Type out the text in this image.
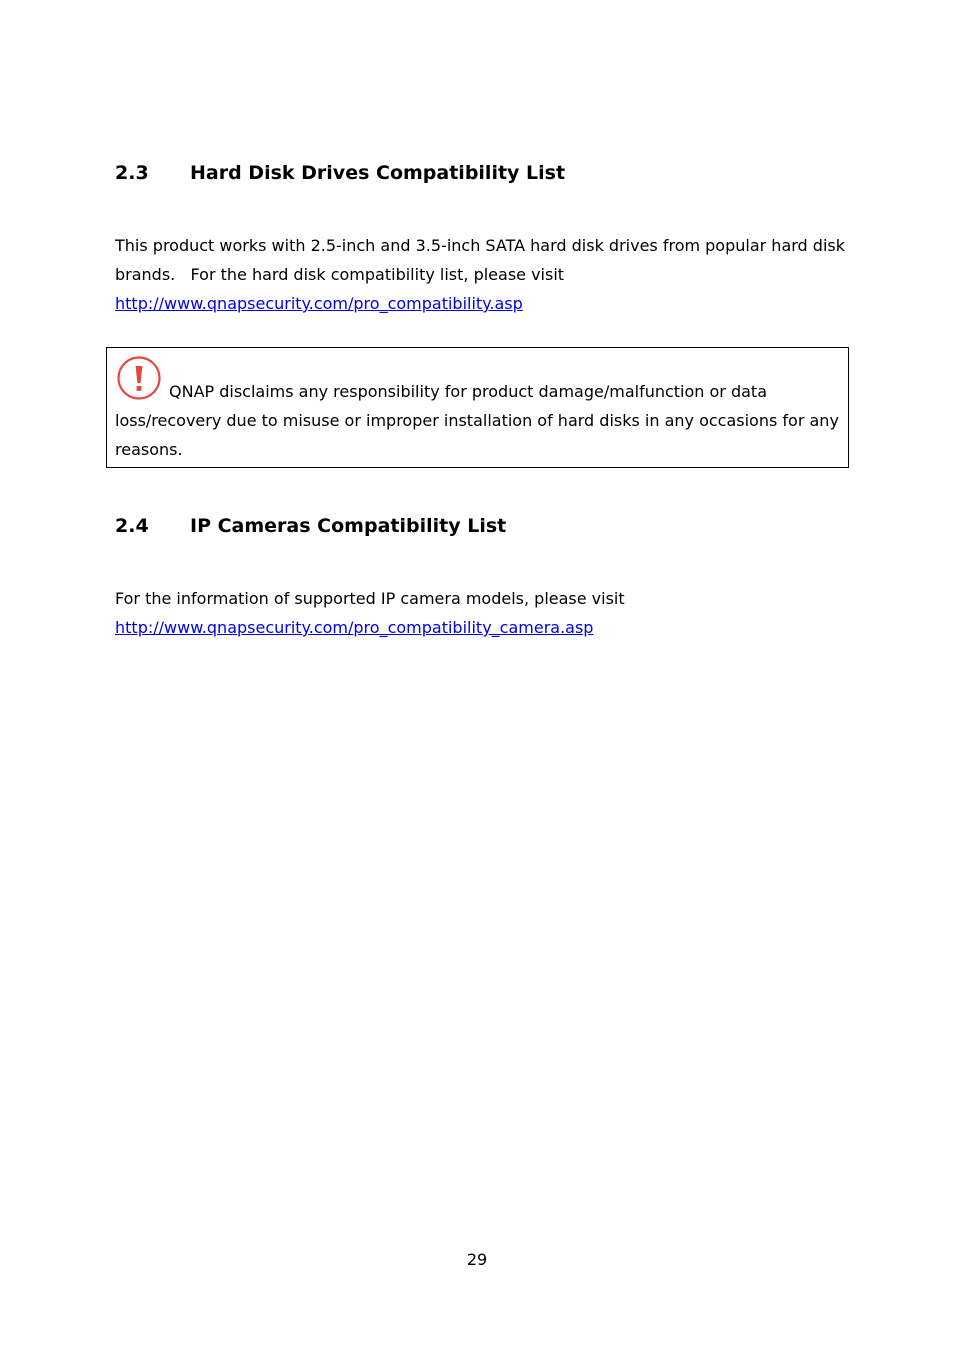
2.3 Hard Disk Drives Compatibility List
This product works with 2.5-inch and 3.5-inch SATA hard disk drives from popular hard disk
brands.   For the hard disk compatibility list, please visit
http://www.qnapsecurity.com/pro_compatibility.asp
QNAP disclaims any responsibility for product damage/malfunction or data
loss/recovery due to misuse or improper installation of hard disks in any occasions for any
reasons.
2.4 IP Cameras Compatibility List
For the information of supported IP camera models, please visit
http://www.qnapsecurity.com/pro_compatibility_camera.asp
29
